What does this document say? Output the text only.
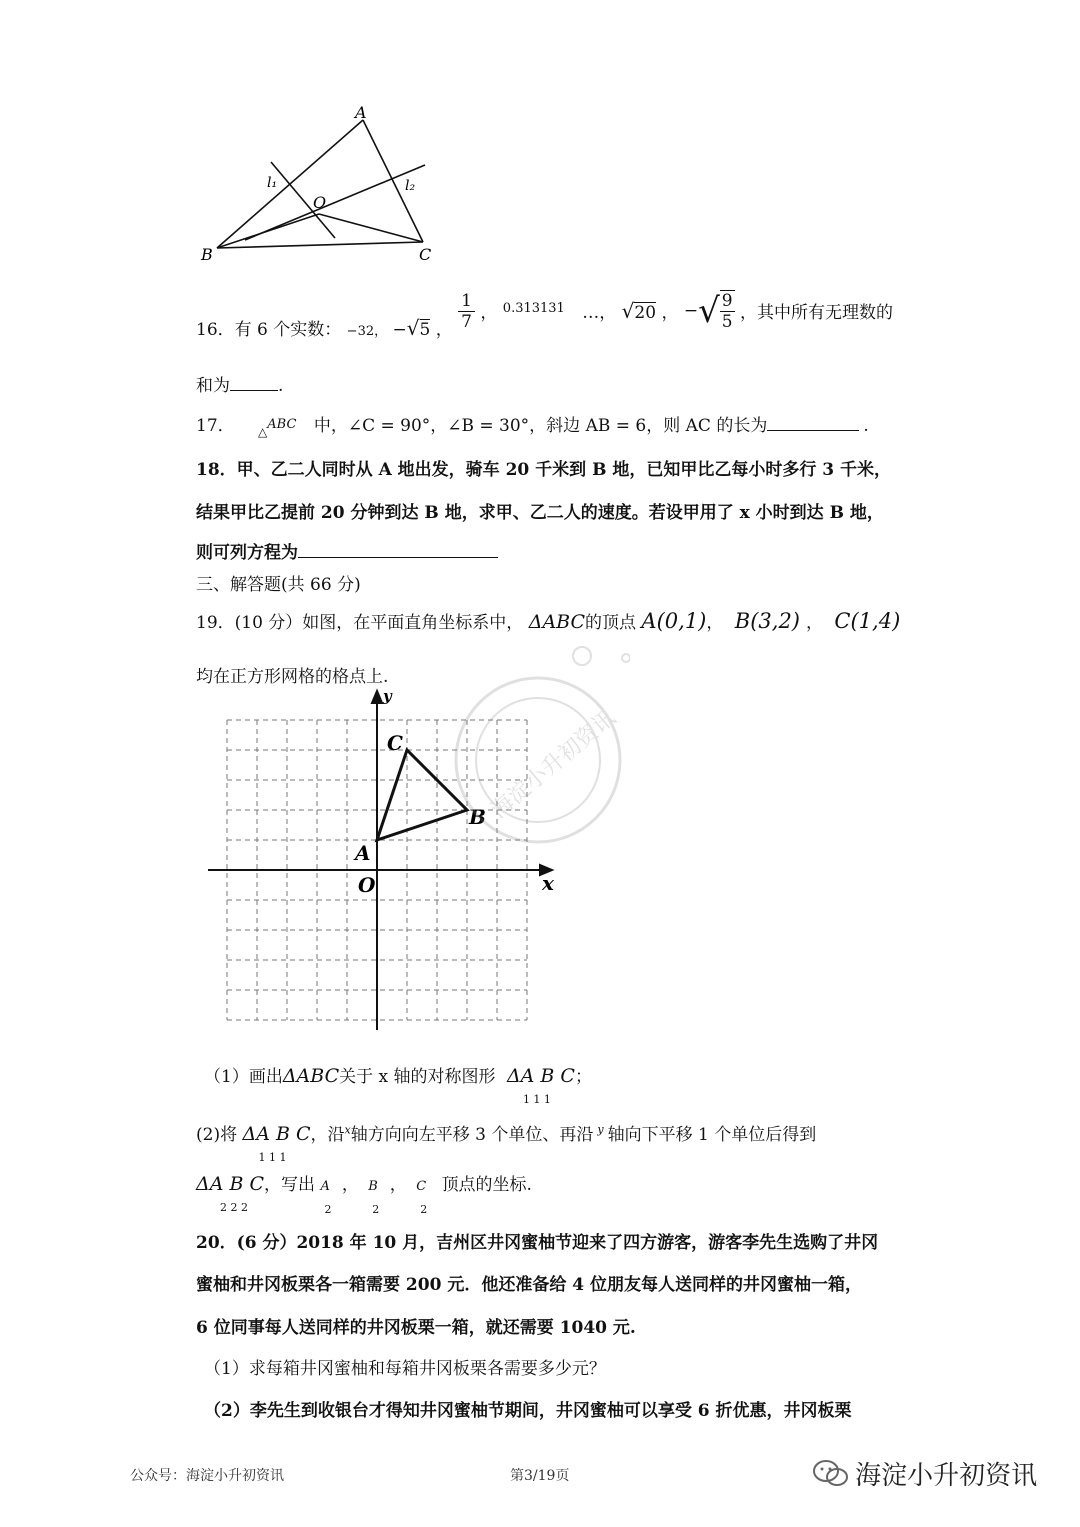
A
B	C
O
l₁	l₂
16．有 6 个实数： $_{-32,}$ −√5 ， $\frac{1}{7}$ ， $^{0.313131}$ …， √20 ， −√ $\frac{9}{5}$ ，其中所有无理数的
和为	.
17． $_\triangle$ABC 中，∠C = 90°，∠B = 30°，斜边 AB = 6，则 AC 的长为	.
18．甲、乙二人同时从 A 地出发，骑车 20 千米到 B 地，已知甲比乙每小时多行 3 千米，
结果甲比乙提前 20 分钟到达 B 地，求甲、乙二人的速度。若设甲用了 x 小时到达 B 地，
则可列方程为
三、解答题(共 66 分)
19．(10 分）如图，在平面直角坐标系中， ΔABC的顶点 A(0,1)， B(3,2) ， C(1,4)
均在正方形网格的格点上.
x
y
O
A
B
C	海淀小升初资讯
（1）画出ΔABC关于 x 轴的对称图形 ΔA B C
1 1 1
；
(2)将 ΔA B C
1 1 1
，沿$^x$轴方向向左平移 3 个单位、再沿 $^y$ 轴向下平移 1 个单位后得到
ΔA B C
2 2 2
，写出 A
2
， B
2
， C
2
顶点的坐标.
20．(6 分）2018 年 10 月，吉州区井冈蜜柚节迎来了四方游客，游客李先生选购了井冈
蜜柚和井冈板栗各一箱需要 200 元．他还准备给 4 位朋友每人送同样的井冈蜜柚一箱，
6 位同事每人送同样的井冈板栗一箱，就还需要 1040 元.
（1）求每箱井冈蜜柚和每箱井冈板栗各需要多少元？
（2）李先生到收银台才得知井冈蜜柚节期间，井冈蜜柚可以享受 6 折优惠，井冈板栗
公众号：海淀小升初资讯	第3/19页	海淀小升初资讯
